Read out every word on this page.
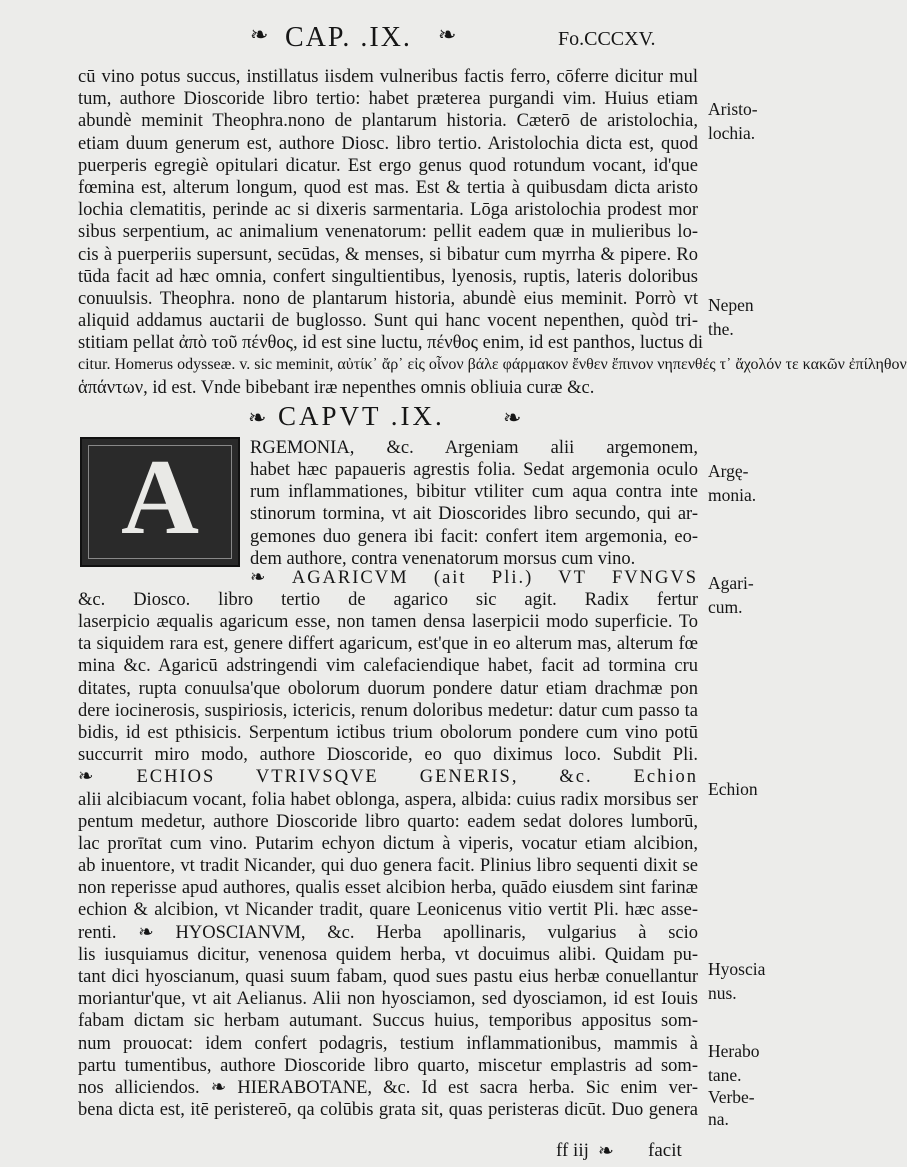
❧ CAP. .IX. ❧	Fo.CCCXV.
cū vino potus succus, instillatus iisdem vulneribus factis ferro, cōferre dicitur mul
tum, authore Dioscoride libro tertio: habet præterea purgandi vim. Huius etiam
abundè meminit Theophra.nono de plantarum historia. Cæterō de aristolochia,
etiam duum generum est, authore Diosc. libro tertio. Aristolochia dicta est, quod
puerperis egregiè opitulari dicatur. Est ergo genus quod rotundum vocant, id'que
fœmina est, alterum longum, quod est mas. Est & tertia à quibusdam dicta aristo
lochia clematitis, perinde ac si dixeris sarmentaria. Lōga aristolochia prodest mor
sibus serpentium, ac animalium venenatorum: pellit eadem quæ in mulieribus lo-
cis à puerperiis supersunt, secūdas, & menses, si bibatur cum myrrha & pipere. Ro
tūda facit ad hæc omnia, confert singultientibus, lyenosis, ruptis, lateris doloribus
conuulsis. Theophra. nono de plantarum historia, abundè eius meminit. Porrò vt
aliquid addamus auctarii de buglosso. Sunt qui hanc vocent nepenthen, quòd tri-
stitiam pellat ἀπὸ τοῦ πένθος, id est sine luctu, πένθος enim, id est panthos, luctus di
citur. Homerus odysseæ. v. sic meminit, αὐτίκ᾽ ἄρ᾽ εἰς οἶνον βάλε φάρμακον ἔνθεν ἔπινον νηπενθές τ᾽ ἄχολόν τε κακῶν ἐπίληθον
ἁπάντων, id est. Vnde bibebant iræ nepenthes omnis obliuia curæ &c.
❧ CAPVT .IX.	❧
A	RGEMONIA, &c. Argeniam alii argemonem,
habet hæc papaueris agrestis folia. Sedat argemonia oculo
rum inflammationes, bibitur vtiliter cum aqua contra inte
stinorum tormina, vt ait Dioscorides libro secundo, qui ar-
gemones duo genera ibi facit: confert item argemonia, eo-
dem authore, contra venenatorum morsus cum vino.
❧ AGARICVM (ait Pli.) VT FVNGVS
&c. Diosco. libro tertio de agarico sic agit. Radix fertur
laserpicio æqualis agaricum esse, non tamen densa laserpicii modo superficie. To
ta siquidem rara est, genere differt agaricum, est'que in eo alterum mas, alterum fœ
mina &c. Agaricū adstringendi vim calefaciendique habet, facit ad tormina cru
ditates, rupta conuulsa'que obolorum duorum pondere datur etiam drachmæ pon
dere iocinerosis, suspiriosis, ictericis, renum doloribus medetur: datur cum passo ta
bidis, id est pthisicis. Serpentum ictibus trium obolorum pondere cum vino potū
succurrit miro modo, authore Dioscoride, eo quo diximus loco. Subdit Pli.
❧ ECHIOS VTRIVSQVE GENERIS, &c. Echion
alii alcibiacum vocant, folia habet oblonga, aspera, albida: cuius radix morsibus ser
pentum medetur, authore Dioscoride libro quarto: eadem sedat dolores lumborū,
lac prorītat cum vino. Putarim echyon dictum à viperis, vocatur etiam alcibion,
ab inuentore, vt tradit Nicander, qui duo genera facit. Plinius libro sequenti dixit se
non reperisse apud authores, qualis esset alcibion herba, quādo eiusdem sint farinæ
echion & alcibion, vt Nicander tradit, quare Leonicenus vitio vertit Pli. hæc asse-
renti. ❧ HYOSCIANVM, &c. Herba apollinaris, vulgarius à scio
lis iusquiamus dicitur, venenosa quidem herba, vt docuimus alibi. Quidam pu-
tant dici hyoscianum, quasi suum fabam, quod sues pastu eius herbæ conuellantur
moriantur'que, vt ait Aelianus. Alii non hyosciamon, sed dyosciamon, id est Iouis
fabam dictam sic herbam autumant. Succus huius, temporibus appositus som-
num prouocat: idem confert podagris, testium inflammationibus, mammis à
partu tumentibus, authore Dioscoride libro quarto, miscetur emplastris ad som-
nos alliciendos. ❧ HIERABOTANE, &c. Id est sacra herba. Sic enim ver-
bena dicta est, itē peristereō, qa colūbis grata sit, quas peristeras dicūt. Duo genera
Aristo-
lochia.
Nepen
the.
Argę-
monia.
Agari-
cum.
Echion
Hyoscia
nus.
Herabo
tane.
Verbe-
na.
ff iij ❧ facit
